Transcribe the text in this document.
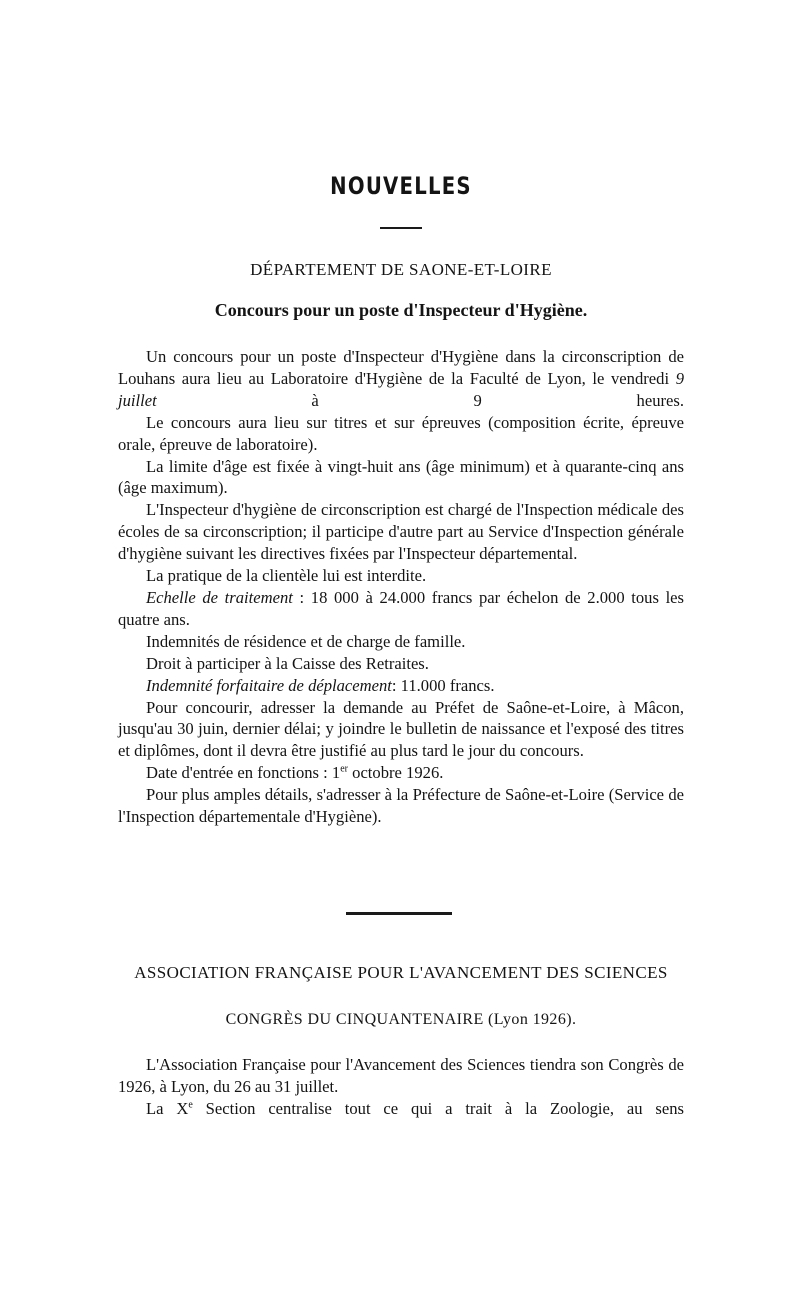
NOUVELLES
DÉPARTEMENT DE SAONE-ET-LOIRE
Concours pour un poste d'Inspecteur d'Hygiène.

Un concours pour un poste d'Inspecteur d'Hygiène dans la circonscription de Louhans aura lieu au Laboratoire d'Hygiène de la Faculté de Lyon, le vendredi 9 juillet à 9 heures.

Le concours aura lieu sur titres et sur épreuves (composition écrite, épreuve orale, épreuve de laboratoire).

La limite d'âge est fixée à vingt-huit ans (âge minimum) et à quarante-cinq ans (âge maximum).

L'Inspecteur d'hygiène de circonscription est chargé de l'Inspection médicale des écoles de sa circonscription; il participe d'autre part au Service d'Inspection générale d'hygiène suivant les directives fixées par l'Inspecteur départemental.

La pratique de la clientèle lui est interdite.

Echelle de traitement : 18 000 à 24.000 francs par échelon de 2.000 tous les quatre ans.

Indemnités de résidence et de charge de famille.

Droit à participer à la Caisse des Retraites.

Indemnité forfaitaire de déplacement: 11.000 francs.

Pour concourir, adresser la demande au Préfet de Saône-et-Loire, à Mâcon, jusqu'au 30 juin, dernier délai; y joindre le bulletin de naissance et l'exposé des titres et diplômes, dont il devra être justifié au plus tard le jour du concours.

Date d'entrée en fonctions : 1er octobre 1926.

Pour plus amples détails, s'adresser à la Préfecture de Saône-et-Loire (Service de l'Inspection départementale d'Hygiène).

ASSOCIATION FRANÇAISE POUR L'AVANCEMENT DES SCIENCES
CONGRÈS DU CINQUANTENAIRE (Lyon 1926).

L'Association Française pour l'Avancement des Sciences tiendra son Congrès de 1926, à Lyon, du 26 au 31 juillet.

La Xe Section centralise tout ce qui a trait à la Zoologie, au sens
